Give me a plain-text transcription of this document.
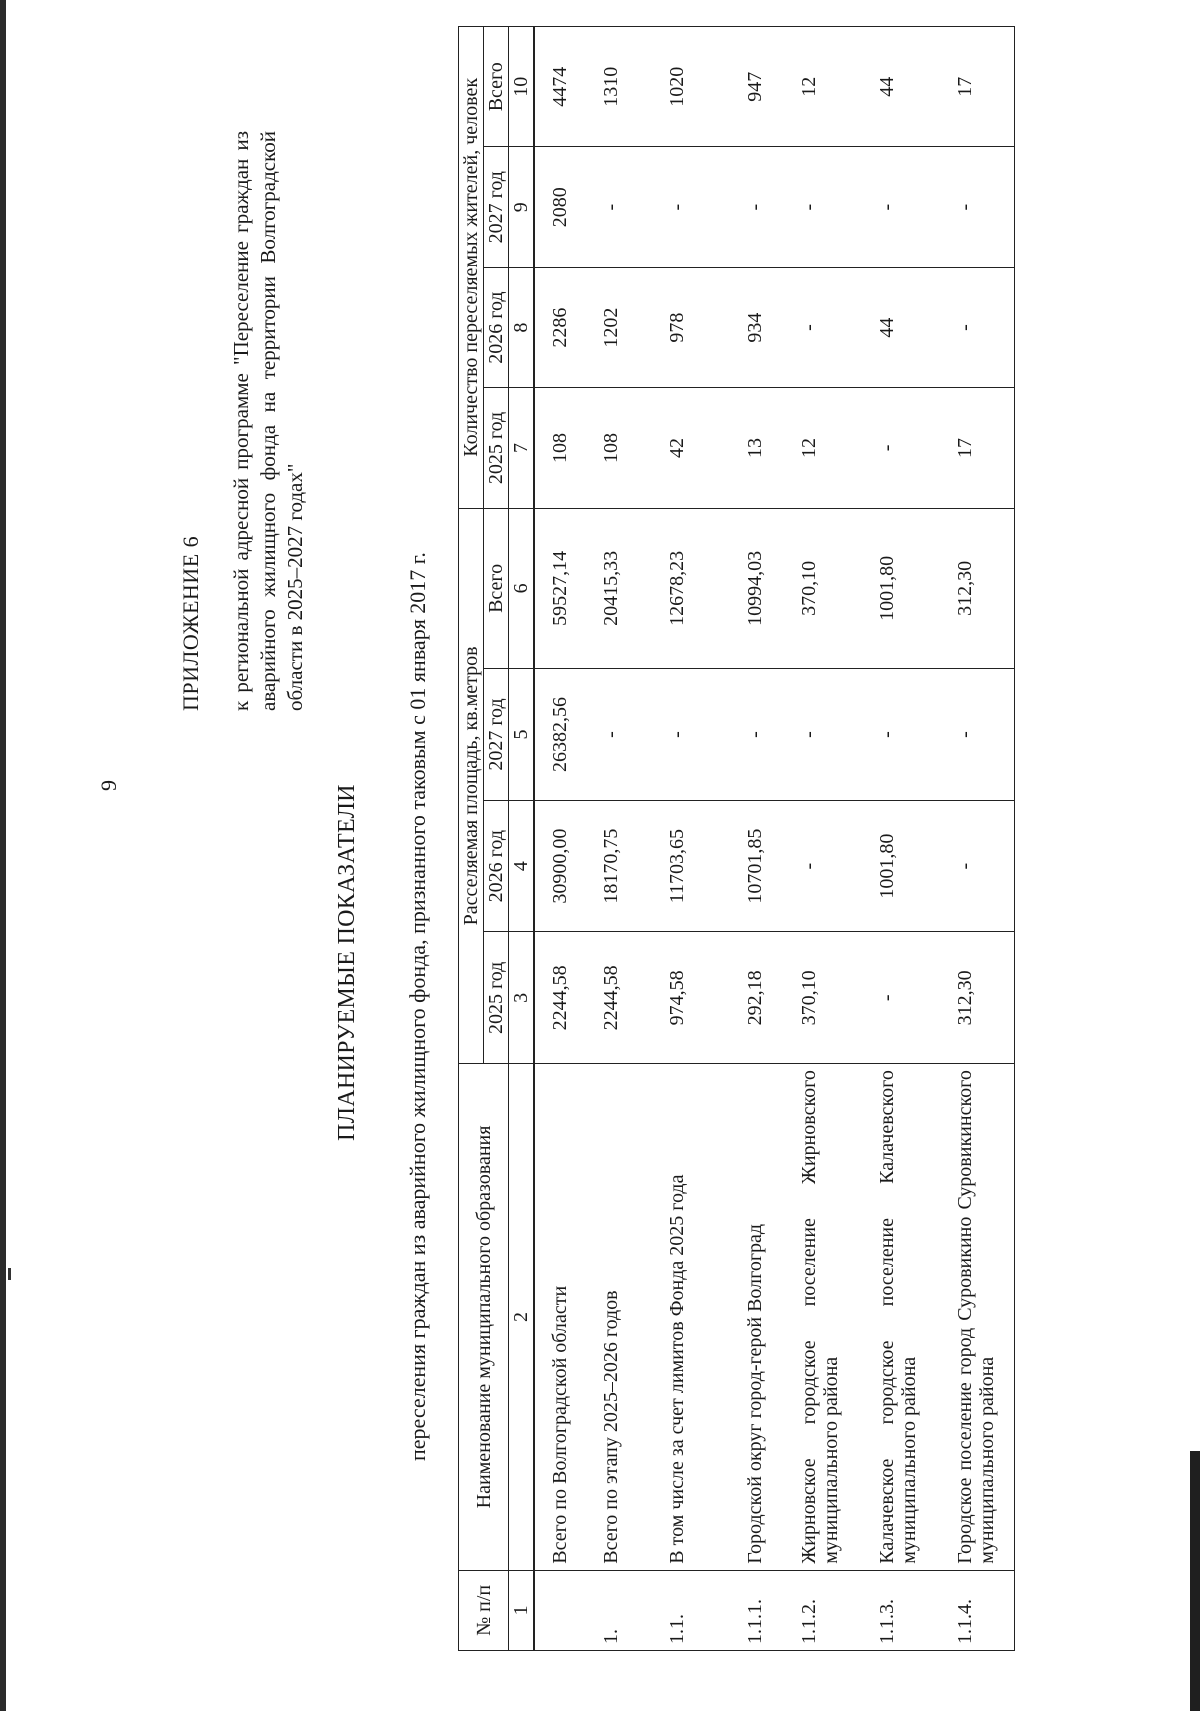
9
ПРИЛОЖЕНИЕ 6 к региональной адресной программе "Переселение граждан из аварийного жилищного фонда на территории Волгоградской области в 2025–2027 годах"
ПЛАНИРУЕМЫЕ ПОКАЗАТЕЛИ переселения граждан из аварийного жилищного фонда, признанного таковым с 01 января 2017 г.
№ п/п	Наименование муниципального образования	Расселяемая площадь, кв.метров				Количество переселяемых жителей, человек			
		2025 год	2026 год	2027 год	Всего	2025 год	2026 год	2027 год	Всего
1	2	3	4	5	6	7	8	9	10
	Всего по Волгоградской области	2244,58	30900,00	26382,56	59527,14	108	2286	2080	4474
1.	Всего по этапу 2025–2026 годов	2244,58	18170,75	-	20415,33	108	1202	-	1310
1.1.	В том числе за счет лимитов Фонда 2025 года	974,58	11703,65	-	12678,23	42	978	-	1020
1.1.1.	Городской округ город-герой Волгоград	292,18	10701,85	-	10994,03	13	934	-	947
1.1.2.	Жирновское городское поселение Жирновского муниципального района	370,10	-	-	370,10	12	-	-	12
1.1.3.	Калачевское городское поселение Калачевского муниципального района	-	1001,80	-	1001,80	-	44	-	44
1.1.4.	Городское поселение город Суровикино Суровикинского муниципального района	312,30	-	-	312,30	17	-	-	17
